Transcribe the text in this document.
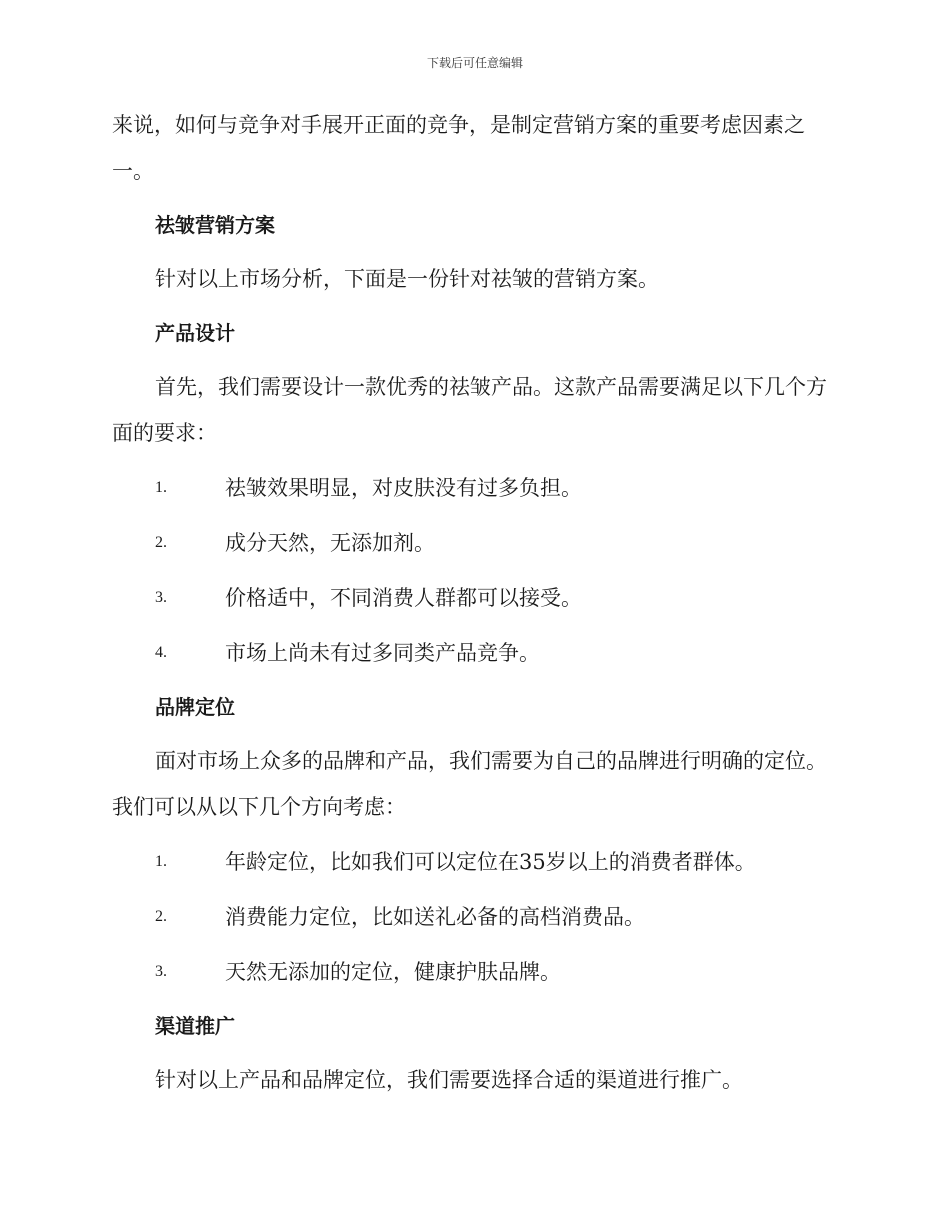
下载后可任意编辑

来说，如何与竞争对手展开正面的竞争，是制定营销方案的重要考虑因素之一。

祛皱营销方案

针对以上市场分析，下面是一份针对祛皱的营销方案。

产品设计

首先，我们需要设计一款优秀的祛皱产品。这款产品需要满足以下几个方面的要求：

1.	祛皱效果明显，对皮肤没有过多负担。
2.	成分天然，无添加剂。
3.	价格适中，不同消费人群都可以接受。
4.	市场上尚未有过多同类产品竞争。
品牌定位

面对市场上众多的品牌和产品，我们需要为自己的品牌进行明确的定位。我们可以从以下几个方向考虑：

1.	年龄定位，比如我们可以定位在35岁以上的消费者群体。
2.	消费能力定位，比如送礼必备的高档消费品。
3.	天然无添加的定位，健康护肤品牌。
渠道推广

针对以上产品和品牌定位，我们需要选择合适的渠道进行推广。
